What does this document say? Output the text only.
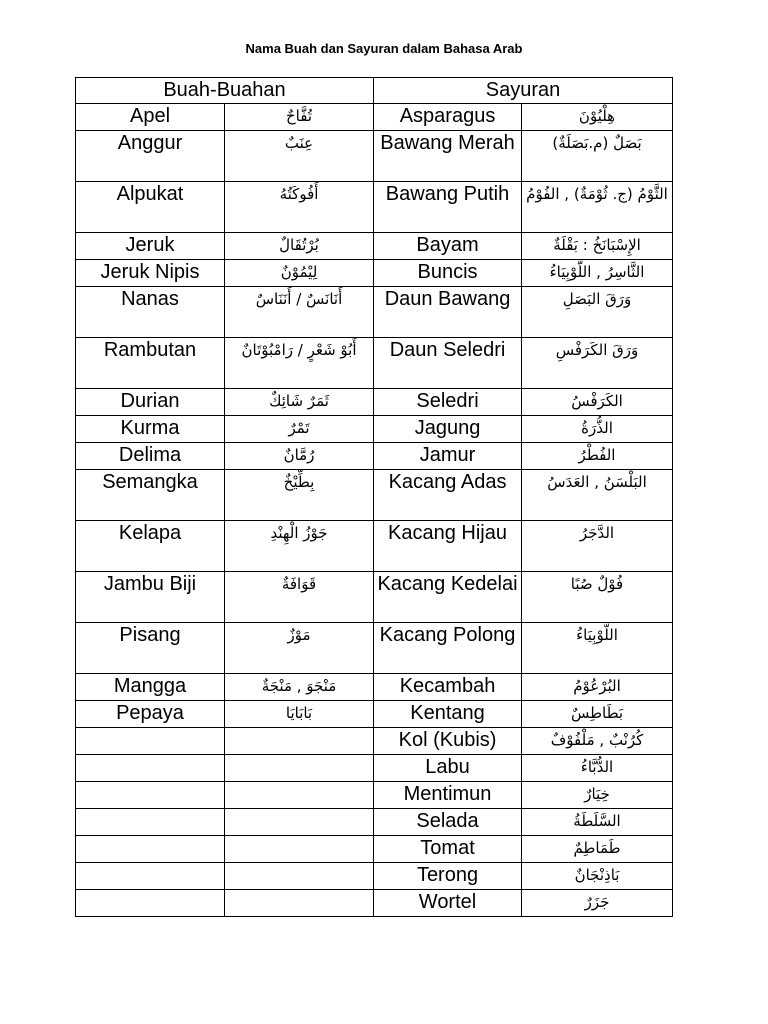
Nama Buah dan Sayuran dalam Bahasa Arab
Buah-Buahan		Sayuran	
Apel	تُفَّاحٌ	Asparagus	هِلْيُوْنَ
Anggur	عِنَبٌ	Bawang Merah	بَصَلٌ (م.بَصَلَةٌ)
Alpukat	أَفُوكَتُهُ	Bawang Putih	الثَّوْمُ (ج. ثُوْمَةٌ) , الفُوْمُ
Jeruk	بُرْتُقَالٌ	Bayam	الإِسْبَانَخُ : بَقْلَةٌ
Jeruk Nipis	لِيْمُوْنٌ	Buncis	الثَّاسِرُ , اللُّوْبِيَاءُ
Nanas	أَنَانَسٌ / أَنَنَاسٌ	Daun Bawang	وَرَقَ البَصَلِ
Rambutan	أَبُوْ شَعْرٍ / رَامْبُوْتَانٌ	Daun Seledri	وَرَقَ الكَرَفْسِ
Durian	ثَمَرٌ شَائِكٌ	Seledri	الكَرَفْسُ
Kurma	تَمْرٌ	Jagung	الذُّرَةُ
Delima	رُمَّانٌ	Jamur	الفُطْرُ
Semangka	بِطِّيْخٌ	Kacang Adas	البَلْسَنُ , العَدَسُ
Kelapa	جَوْزُ الْهِنْدِ	Kacang Hijau	الدَّجَرُ
Jambu Biji	قَوَافَةٌ	Kacang Kedelai	فُوْلٌ صُبًا
Pisang	مَوْزٌ	Kacang Polong	اللُّوْبِيَاءُ
Mangga	مَنْجَوَ , مَنْجَةٌ	Kecambah	البُرْعُوْمُ
Pepaya	بَابَايَا	Kentang	بَطَاطِسٌ
		Kol (Kubis)	كُرُنْبٌ , مَلْفُوْفٌ
		Labu	الدُّبَّاءُ
		Mentimun	خِيَارٌ
		Selada	السَّلَطَةُ
		Tomat	طَمَاطِمٌ
		Terong	بَاذِنْجَانٌ
		Wortel	جَزَرٌ
